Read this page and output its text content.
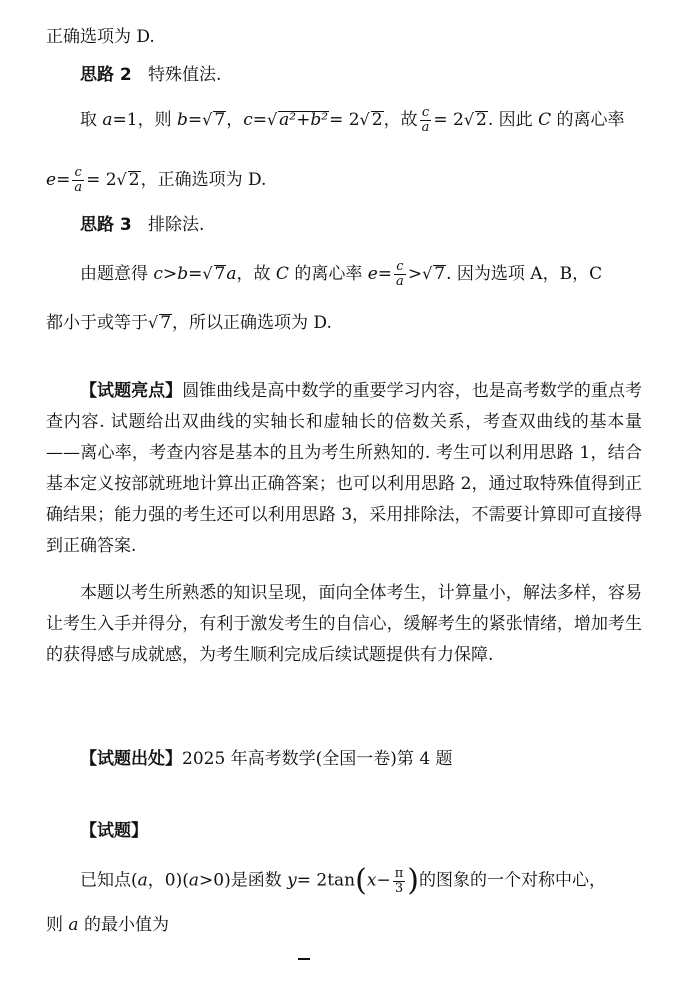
正确选项为 D.
思路 2 特殊值法.
取 a=1，则 b=√ 7，c=√ a²+b²= 2√ 2，故 $\frac{c}{a} = 2√$ 2. 因此 C 的离心率
$e= \frac{c}{a} = 2√$ 2，正确选项为 D.
思路 3 排除法.
由题意得 c>b=√ 7a，故 C 的离心率 $e= \frac{c}{a}$ >√ 7. 因为选项 A，B，C
都小于或等于√ 7，所以正确选项为 D.
【试题亮点】圆锥曲线是高中数学的重要学习内容，也是高考数学的重点考查内容. 试题给出双曲线的实轴长和虚轴长的倍数关系，考查双曲线的基本量——离心率，考查内容是基本的且为考生所熟知的. 考生可以利用思路 1，结合基本定义按部就班地计算出正确答案；也可以利用思路 2，通过取特殊值得到正确结果；能力强的考生还可以利用思路 3，采用排除法，不需要计算即可直接得到正确答案.
本题以考生所熟悉的知识呈现，面向全体考生，计算量小，解法多样，容易让考生入手并得分，有利于激发考生的自信心，缓解考生的紧张情绪，增加考生的获得感与成就感，为考生顺利完成后续试题提供有力保障.
【试题出处】2025 年高考数学(全国一卷)第 4 题
【试题】
已知点(a，0)(a>0)是函数 $y= 2\tan(x- \frac{\pi}{3}$ )的图象的一个对称中心，
则 a 的最小值为
